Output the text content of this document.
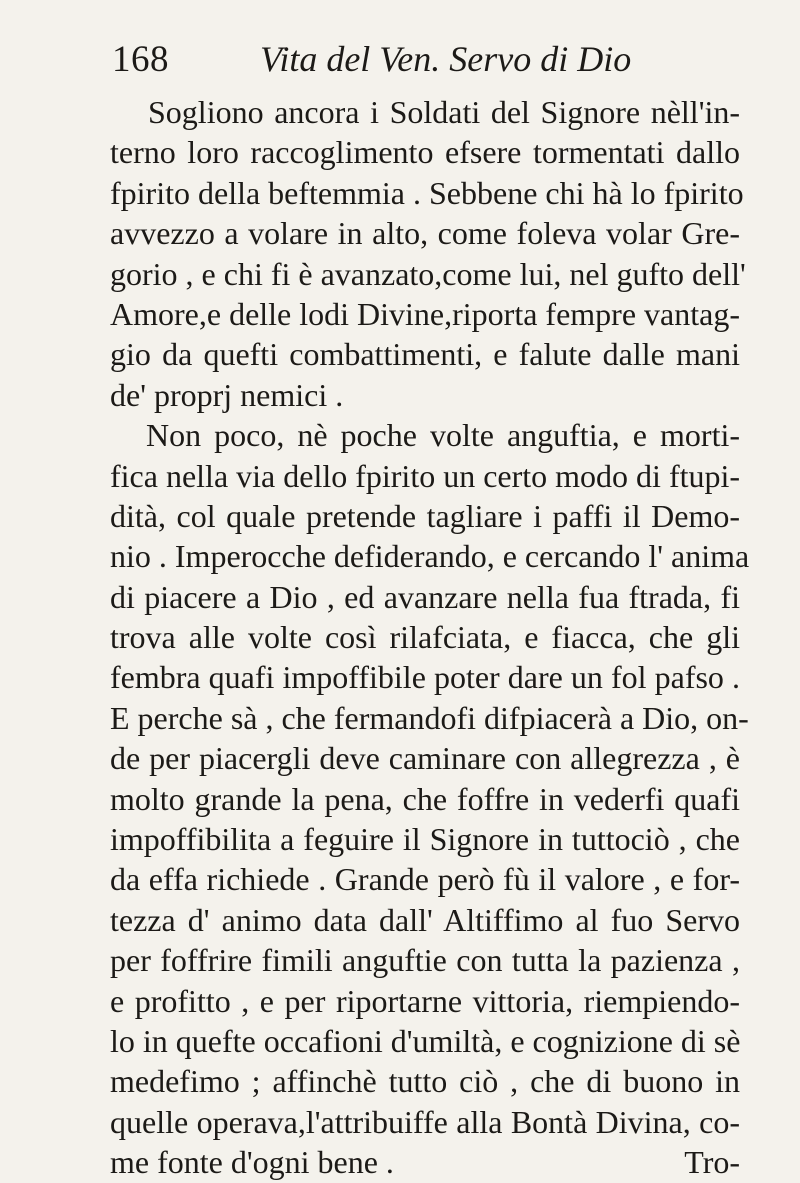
168	Vita del Ven. Servo di Dio
Sogliono ancora i Soldati del Signore nèll'in-
terno loro raccoglimento efsere tormentati dallo
fpirito della beftemmia . Sebbene chi hà lo fpirito
avvezzo a volare in alto, come foleva volar Gre-
gorio , e chi fi è avanzato,come lui, nel gufto dell'
Amore,e delle lodi Divine,riporta fempre vantag-
gio da quefti combattimenti, e falute dalle mani
de' proprj nemici .
Non poco, nè poche volte anguftia, e morti-
fica nella via dello fpirito un certo modo di ftupi-
dità, col quale pretende tagliare i paffi il Demo-
nio . Imperocche defiderando, e cercando l' anima
di piacere a Dio , ed avanzare nella fua ftrada, fi
trova alle volte così rilafciata, e fiacca, che gli
fembra quafi impoffibile poter dare un fol pafso .
E perche sà , che fermandofi difpiacerà a Dio, on-
de per piacergli deve caminare con allegrezza , è
molto grande la pena, che foffre in vederfi quafi
impoffibilita a feguire il Signore in tuttociò , che
da effa richiede . Grande però fù il valore , e for-
tezza d' animo data dall' Altiffimo al fuo Servo
per foffrire fimili anguftie con tutta la pazienza ,
e profitto , e per riportarne vittoria, riempiendo-
lo in quefte occafioni d'umiltà, e cognizione di sè
medefimo ; affinchè tutto ciò , che di buono in
quelle operava,l'attribuiffe alla Bontà Divina, co-
me fonte d'ogni bene .	Tro-
